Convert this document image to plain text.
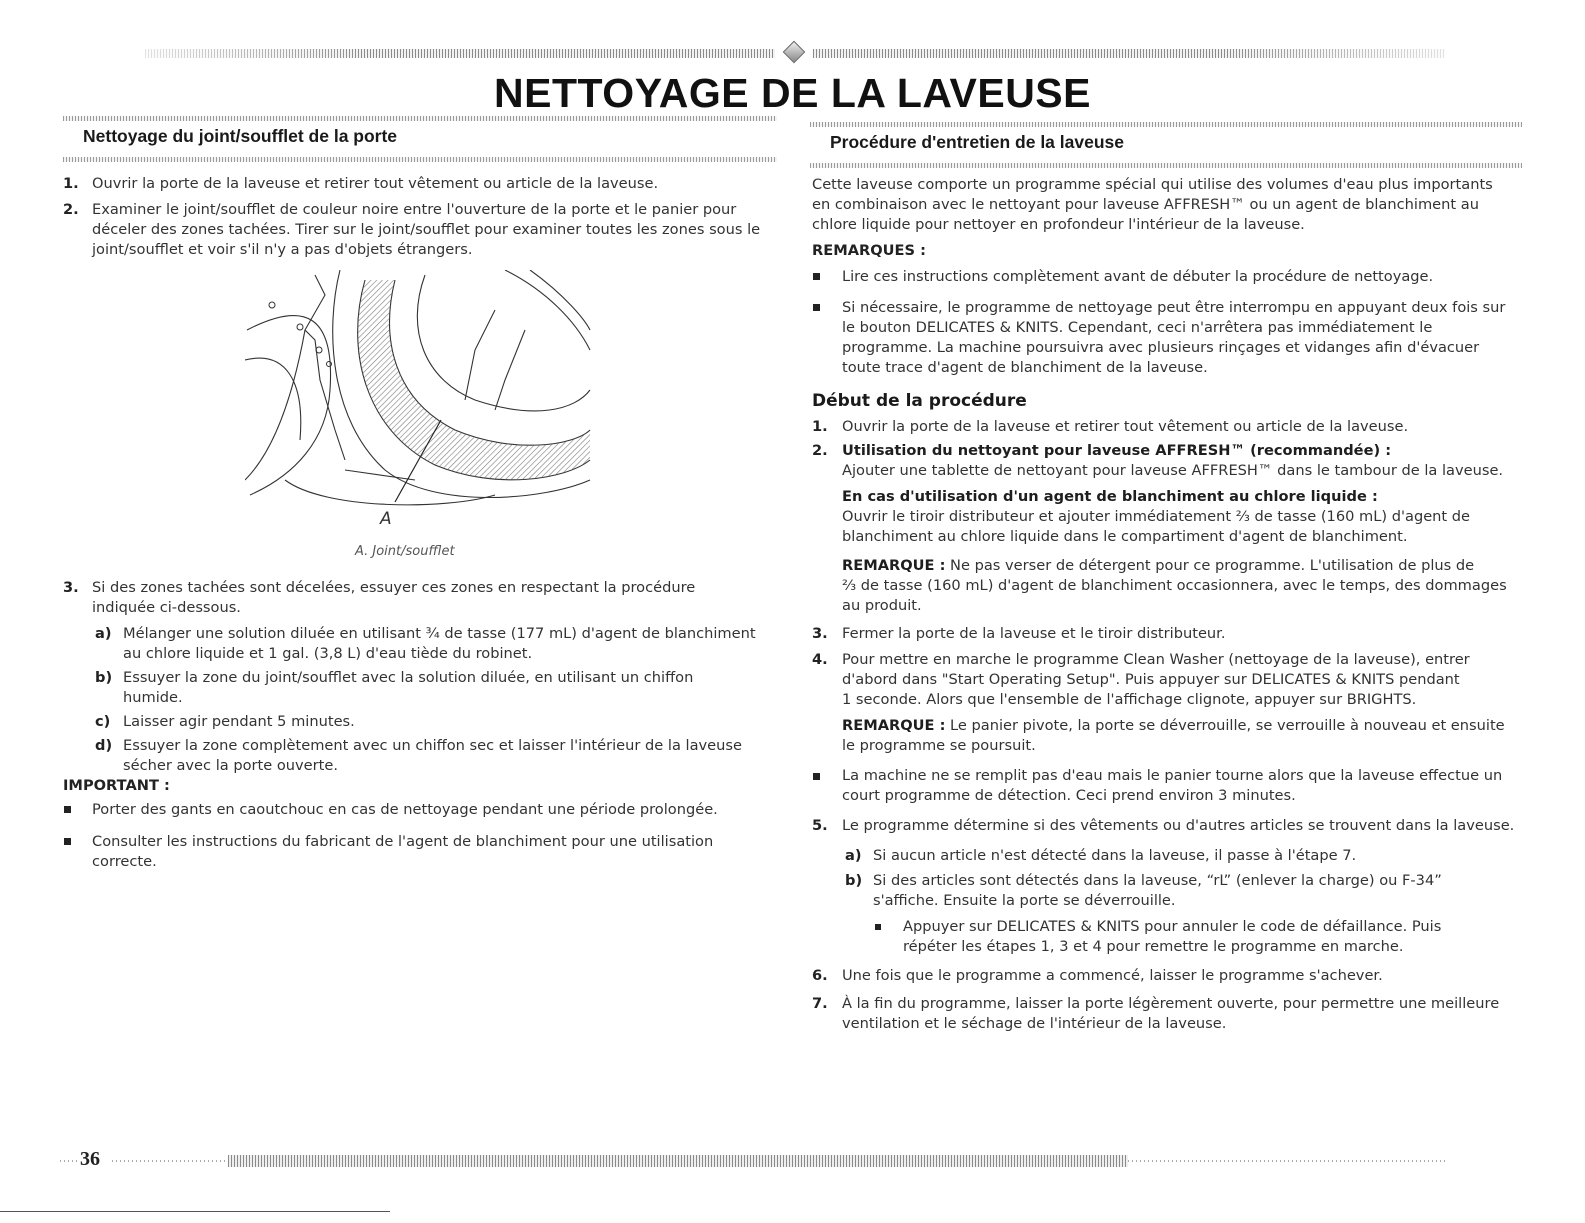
NETTOYAGE DE LA LAVEUSE
Nettoyage du joint/soufflet de la porte
1. Ouvrir la porte de la laveuse et retirer tout vêtement ou article de la laveuse.
2. Examiner le joint/soufflet de couleur noire entre l'ouverture de la porte et le panier pour
déceler des zones tachées. Tirer sur le joint/soufflet pour examiner toutes les zones sous le
joint/soufflet et voir s'il n'y a pas d'objets étrangers.
A
A. Joint/soufflet
3. Si des zones tachées sont décelées, essuyer ces zones en respectant la procédure
indiquée ci-dessous.
a) Mélanger une solution diluée en utilisant ¾ de tasse (177 mL) d'agent de blanchiment
au chlore liquide et 1 gal. (3,8 L) d'eau tiède du robinet.
b) Essuyer la zone du joint/soufflet avec la solution diluée, en utilisant un chiffon
humide.
c) Laisser agir pendant 5 minutes.
d) Essuyer la zone complètement avec un chiffon sec et laisser l'intérieur de la laveuse
sécher avec la porte ouverte.
IMPORTANT :
Porter des gants en caoutchouc en cas de nettoyage pendant une période prolongée.
Consulter les instructions du fabricant de l'agent de blanchiment pour une utilisation
correcte.
Procédure d'entretien de la laveuse
Cette laveuse comporte un programme spécial qui utilise des volumes d'eau plus importants
en combinaison avec le nettoyant pour laveuse AFFRESH™ ou un agent de blanchiment au
chlore liquide pour nettoyer en profondeur l'intérieur de la laveuse.
REMARQUES :
Lire ces instructions complètement avant de débuter la procédure de nettoyage.
Si nécessaire, le programme de nettoyage peut être interrompu en appuyant deux fois sur
le bouton DELICATES & KNITS. Cependant, ceci n'arrêtera pas immédiatement le
programme. La machine poursuivra avec plusieurs rinçages et vidanges afin d'évacuer
toute trace d'agent de blanchiment de la laveuse.
Début de la procédure
1. Ouvrir la porte de la laveuse et retirer tout vêtement ou article de la laveuse.
2. Utilisation du nettoyant pour laveuse AFFRESH™ (recommandée) :
Ajouter une tablette de nettoyant pour laveuse AFFRESH™ dans le tambour de la laveuse.
En cas d'utilisation d'un agent de blanchiment au chlore liquide :
Ouvrir le tiroir distributeur et ajouter immédiatement ⅔ de tasse (160 mL) d'agent de
blanchiment au chlore liquide dans le compartiment d'agent de blanchiment.
REMARQUE : Ne pas verser de détergent pour ce programme. L'utilisation de plus de
⅔ de tasse (160 mL) d'agent de blanchiment occasionnera, avec le temps, des dommages
au produit.
3. Fermer la porte de la laveuse et le tiroir distributeur.
4. Pour mettre en marche le programme Clean Washer (nettoyage de la laveuse), entrer
d'abord dans "Start Operating Setup". Puis appuyer sur DELICATES & KNITS pendant
1 seconde. Alors que l'ensemble de l'affichage clignote, appuyer sur BRIGHTS.
REMARQUE : Le panier pivote, la porte se déverrouille, se verrouille à nouveau et ensuite
le programme se poursuit.
La machine ne se remplit pas d'eau mais le panier tourne alors que la laveuse effectue un
court programme de détection. Ceci prend environ 3 minutes.
5. Le programme détermine si des vêtements ou d'autres articles se trouvent dans la laveuse.
a) Si aucun article n'est détecté dans la laveuse, il passe à l'étape 7.
b) Si des articles sont détectés dans la laveuse, “rL” (enlever la charge) ou F-34”
s'affiche. Ensuite la porte se déverrouille.
Appuyer sur DELICATES & KNITS pour annuler le code de défaillance. Puis
répéter les étapes 1, 3 et 4 pour remettre le programme en marche.
6. Une fois que le programme a commencé, laisser le programme s'achever.
7. À la fin du programme, laisser la porte légèrement ouverte, pour permettre une meilleure
ventilation et le séchage de l'intérieur de la laveuse.
36
